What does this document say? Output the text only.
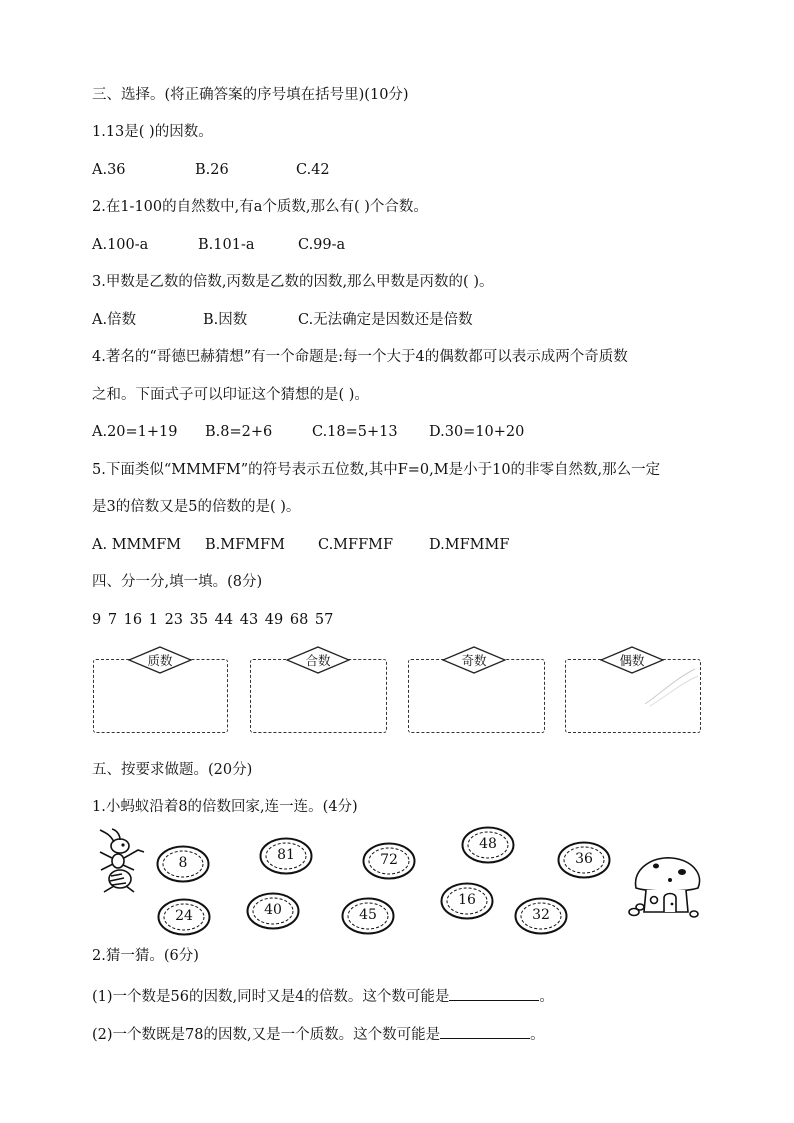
三、选择。(将正确答案的序号填在括号里)(10分)
1.13是( )的因数。
A.36	B.26	C.42
2.在1-100的自然数中,有a个质数,那么有( )个合数。
A.100-a	B.101-a	C.99-a
3.甲数是乙数的倍数,丙数是乙数的因数,那么甲数是丙数的( )。
A.倍数	B.因数	C.无法确定是因数还是倍数
4.著名的“哥德巴赫猜想”有一个命题是:每一个大于4的偶数都可以表示成两个奇质数
之和。下面式子可以印证这个猜想的是( )。
A.20=1+19 B.8=2+6	C.18=5+13 D.30=10+20
5.下面类似“MMMFM”的符号表示五位数,其中F=0,M是小于10的非零自然数,那么一定
是3的倍数又是5的倍数的是( )。
A. MMMFM B.MFMFM C.MFFMF D.MFMMF
四、分一分,填一填。(8分)
9 7 16 1 23 35 44 43 49 68 57
质数	合数	奇数	偶数
五、按要求做题。(20分)
1.小蚂蚁沿着8的倍数回家,连一连。(4分)
8	81	72
48
36
24	40	45
16
32
2.猜一猜。(6分)
(1)一个数是56的因数,同时又是4的倍数。这个数可能是	。
(2)一个数既是78的因数,又是一个质数。这个数可能是	。
